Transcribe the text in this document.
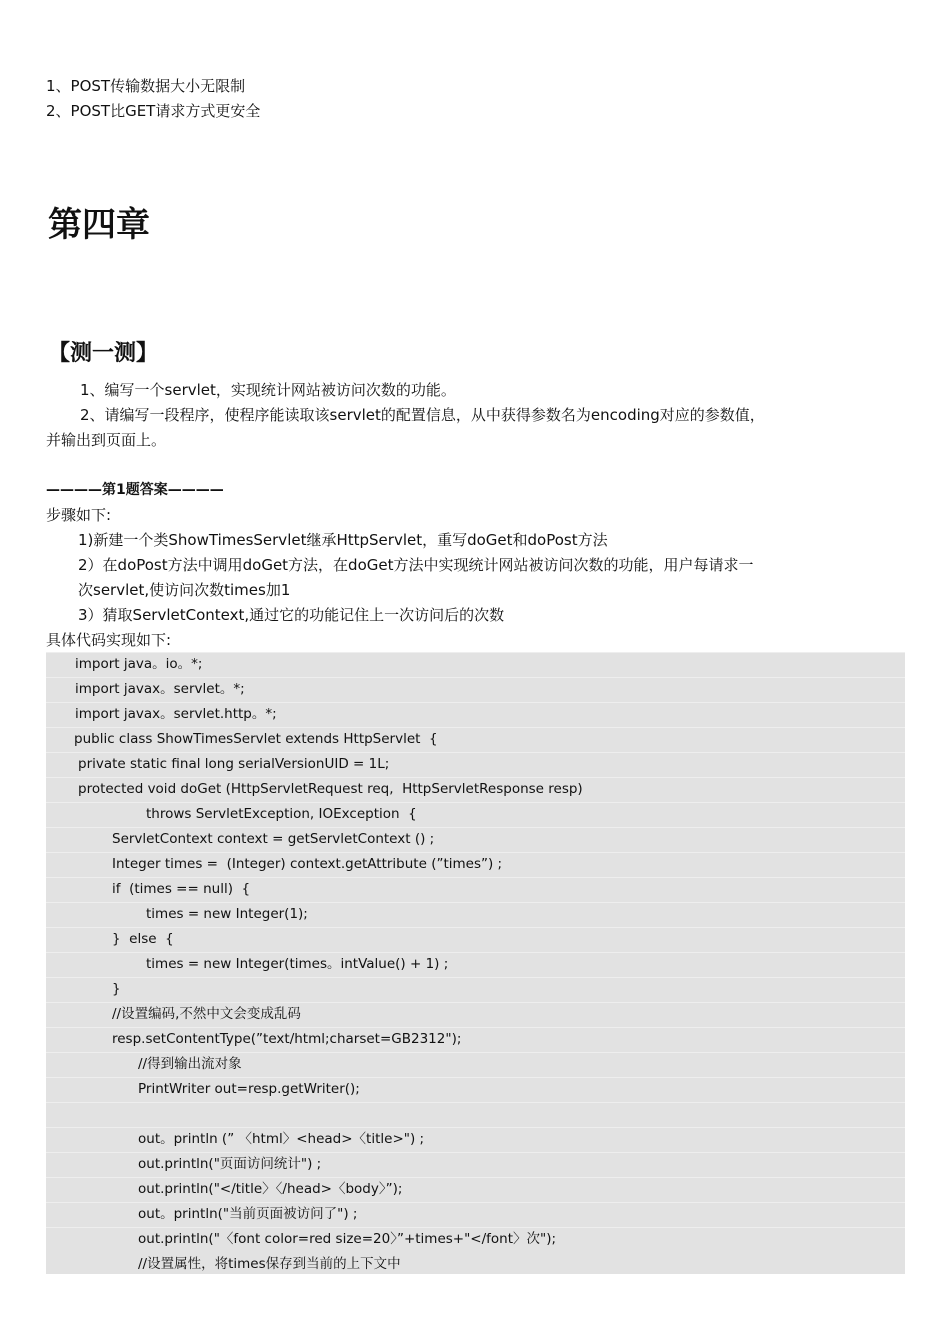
1、POST传输数据大小无限制
2、POST比GET请求方式更安全
第四章
【测一测】
1、编写一个servlet，实现统计网站被访问次数的功能。
2、请编写一段程序，使程序能读取该servlet的配置信息，从中获得参数名为encoding对应的参数值，
并输出到页面上。
————第1题答案————
步骤如下:
1)新建一个类ShowTimesServlet继承HttpServlet，重写doGet和doPost方法
2）在doPost方法中调用doGet方法，在doGet方法中实现统计网站被访问次数的功能，用户每请求一
次servlet,使访问次数times加1
3）猜取ServletContext,通过它的功能记住上一次访问后的次数
具体代码实现如下:
import java。io。*;
import javax。servlet。*;
import javax。servlet.http。*;
public class ShowTimesServlet extends HttpServlet  {
private static final long serialVersionUID = 1L;
protected void doGet (HttpServletRequest req,  HttpServletResponse resp)
throws ServletException, IOException  {
ServletContext context = getServletContext () ;
Integer times =  (Integer) context.getAttribute (”times”) ;
if  (times == null)  {
times = new Integer(1);
}  else  {
times = new Integer(times。intValue() + 1) ;
}
//设置编码,不然中文会变成乱码
resp.setContentType(”text/html;charset=GB2312");
//得到输出流对象
PrintWriter out=resp.getWriter();
out。println (” 〈html〉<head>〈title>") ;
out.println("页面访问统计") ;
out.println("</title〉〈/head>〈body〉”);
out。println("当前页面被访问了") ;
out.println("〈font color=red size=20〉”+times+"</font〉次");
//设置属性，将times保存到当前的上下文中
